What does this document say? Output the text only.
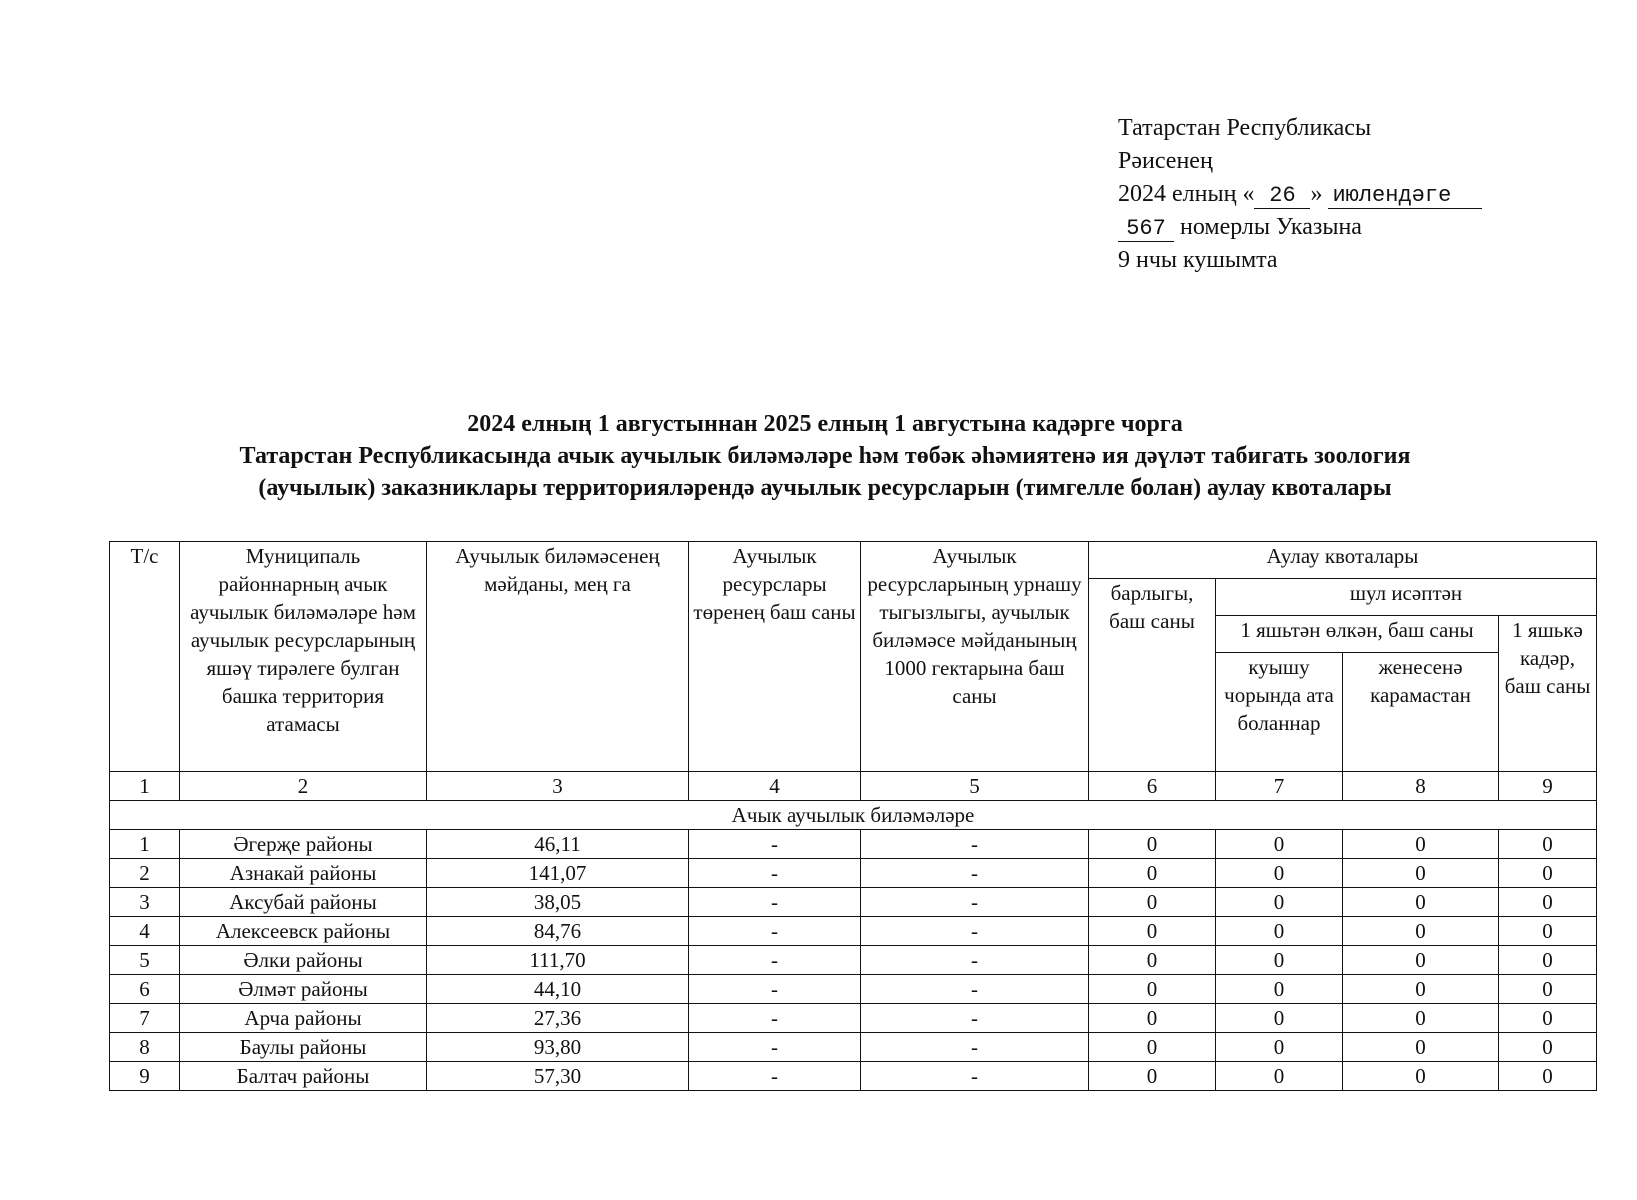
Татарстан Республикасы
Рәисенең
2024 елның « 26 » июлендәге
567 номерлы Указына
9 нчы кушымта
2024 елның 1 августыннан 2025 елның 1 августына кадәрге чорга
Татарстан Республикасында ачык аучылык биләмәләре һәм төбәк әһәмиятенә ия дәүләт табигать зоология
(аучылык) заказниклары территорияләрендә аучылык ресурсларын (тимгелле болан) аулау квоталары
Т/с	Муниципаль районнарның ачык аучылык биләмәләре һәм аучылык ресурсларының яшәү тирәлеге булган башка территория атамасы	Аучылык биләмәсенең мәйданы, мең га	Аучылык ресурслары төренең баш саны	Аучылык ресурсларының урнашу тыгызлыгы, аучылык биләмәсе мәйданының 1000 гектарына баш саны	Аулау квоталары			
					барлыгы, баш саны	шул исәптән		
						1 яшьтән өлкән, баш саны		1 яшькә кадәр, баш саны
						куышу чорында ата боланнар	женесенә карамастан	
1	2	3	4	5	6	7	8	9
Ачык аучылык биләмәләре								
1	Әгерҗе районы	46,11	-	-	0	0	0	0
2	Азнакай районы	141,07	-	-	0	0	0	0
3	Аксубай районы	38,05	-	-	0	0	0	0
4	Алексеевск районы	84,76	-	-	0	0	0	0
5	Әлки районы	111,70	-	-	0	0	0	0
6	Әлмәт районы	44,10	-	-	0	0	0	0
7	Арча районы	27,36	-	-	0	0	0	0
8	Баулы районы	93,80	-	-	0	0	0	0
9	Балтач районы	57,30	-	-	0	0	0	0
